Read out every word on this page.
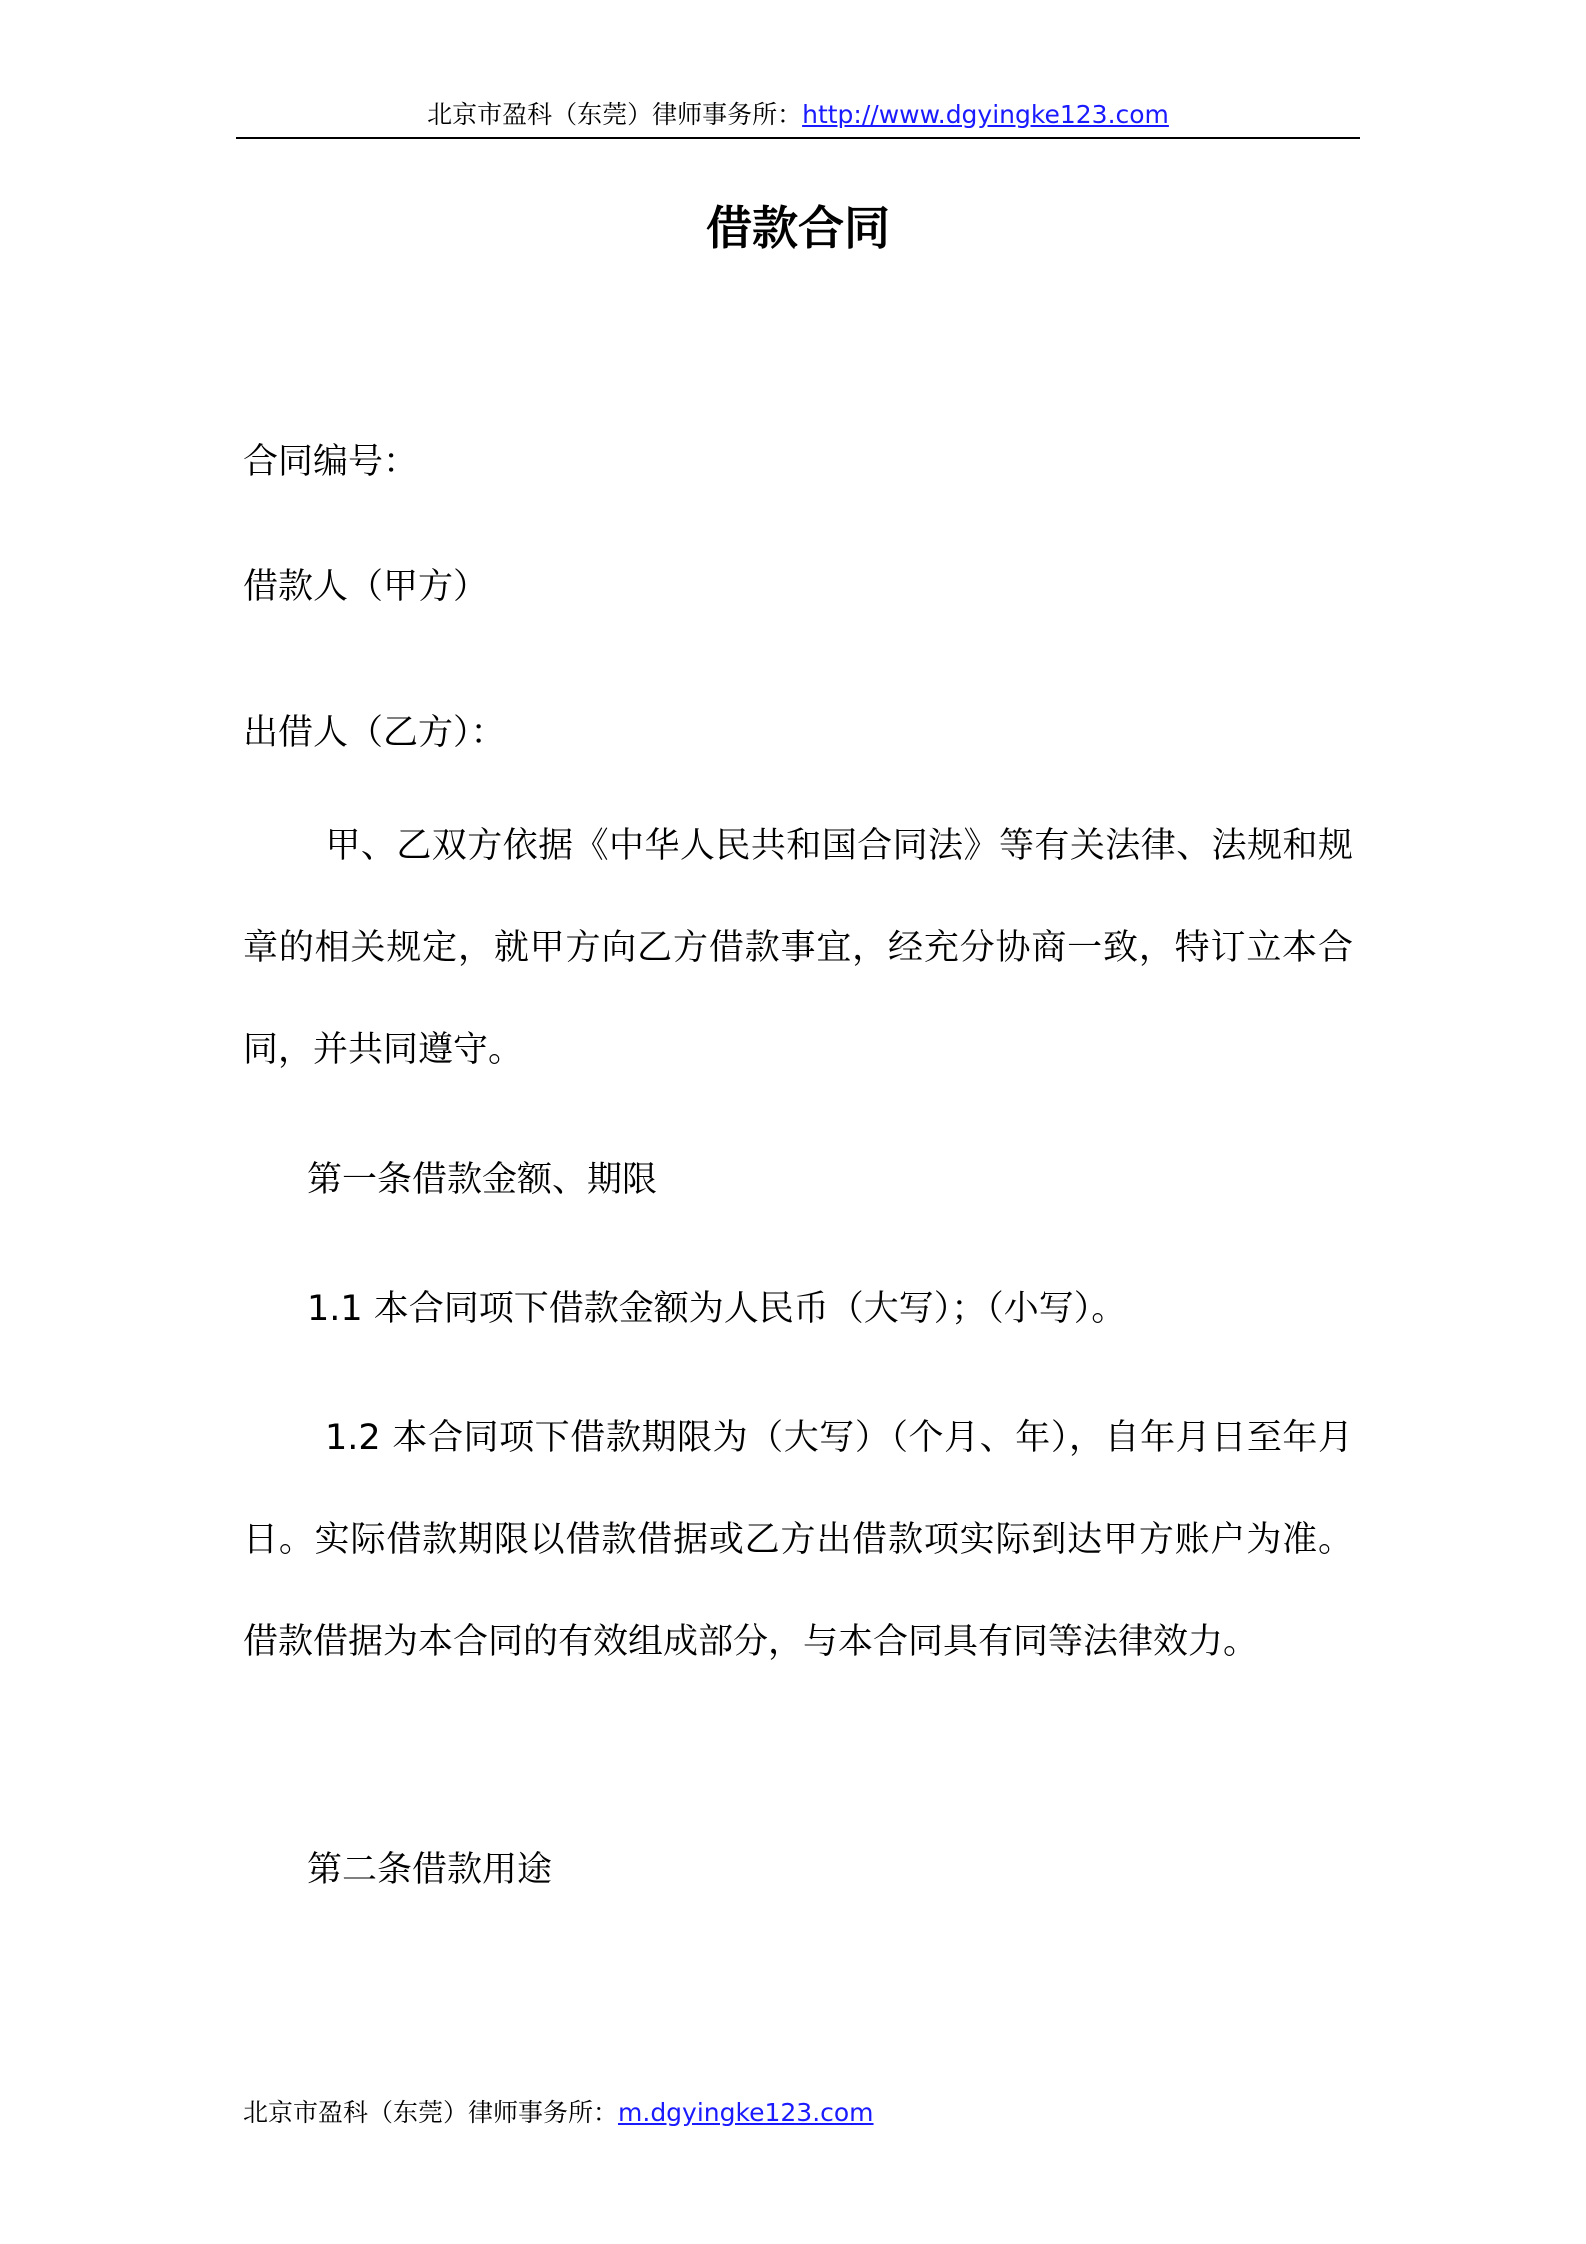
北京市盈科（东莞）律师事务所：http://www.dgyingke123.com
借款合同
合同编号：
借款人（甲方）
出借人（乙方）：
甲、乙双方依据《中华人民共和国合同法》等有关法律、法规和规章的相关规定，就甲方向乙方借款事宜，经充分协商一致，特订立本合同，并共同遵守。
第一条借款金额、期限
1.1 本合同项下借款金额为人民币（大写）；（小写）。
1.2 本合同项下借款期限为（大写）（个月、年），自年月日至年月日。实际借款期限以借款借据或乙方出借款项实际到达甲方账户为准。借款借据为本合同的有效组成部分，与本合同具有同等法律效力。
第二条借款用途
北京市盈科（东莞）律师事务所：m.dgyingke123.com
